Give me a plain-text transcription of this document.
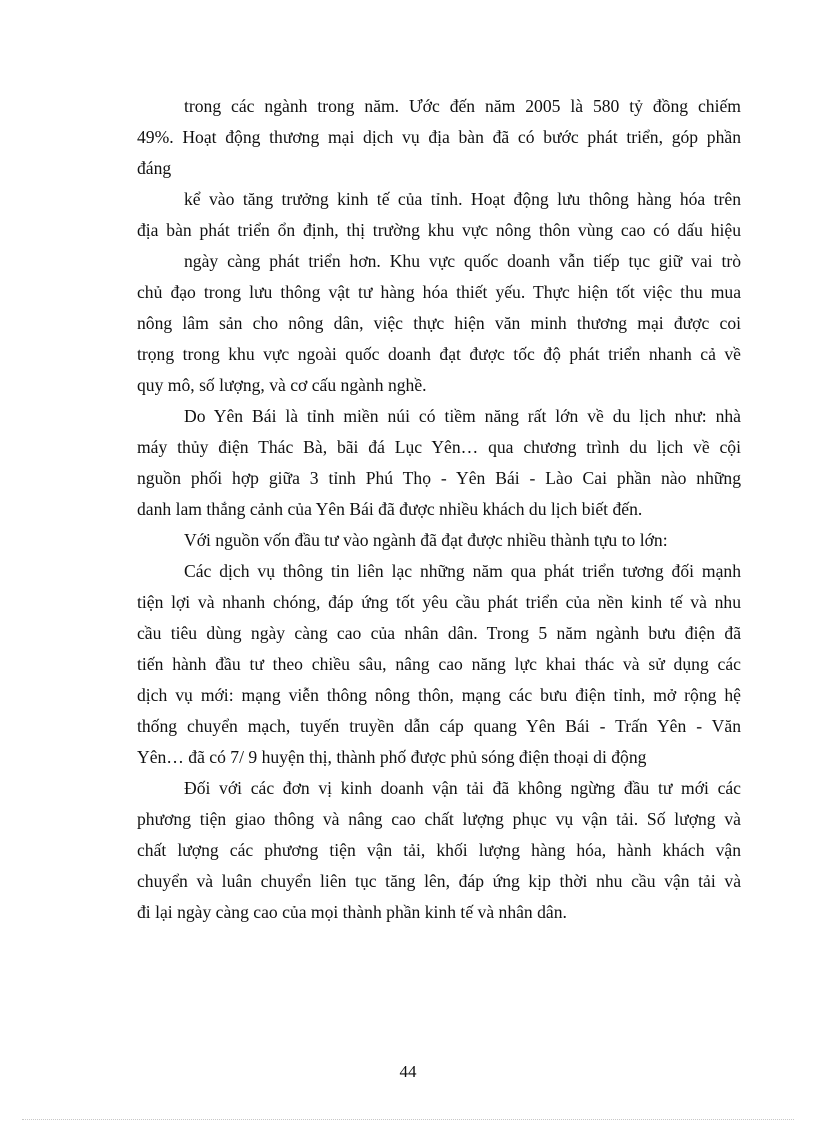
trong các ngành trong năm. Ước đến năm 2005 là 580 tỷ đồng chiếm
49%. Hoạt động thương mại dịch vụ địa bàn đã có bước phát triển, góp phần
đáng
kể vào tăng trưởng kinh tế của tỉnh. Hoạt động lưu thông hàng hóa trên
địa bàn phát triển ổn định, thị trường khu vực nông thôn vùng cao có dấu hiệu
ngày càng phát triển hơn. Khu vực quốc doanh vẫn tiếp tục giữ vai trò
chủ đạo trong lưu thông vật tư hàng hóa thiết yếu. Thực hiện tốt việc thu mua
nông lâm sản cho nông dân, việc thực hiện văn minh thương mại được coi
trọng trong khu vực ngoài quốc doanh đạt được tốc độ phát triển nhanh cả về
quy mô, số lượng, và cơ cấu ngành nghề.
Do Yên Bái là tỉnh miền núi có tiềm năng rất lớn về du lịch như: nhà
máy thủy điện Thác Bà, bãi đá Lục Yên… qua chương trình du lịch về cội
nguồn phối hợp giữa 3 tỉnh Phú Thọ - Yên Bái - Lào Cai phần nào những
danh lam thắng cảnh của Yên Bái đã được nhiều khách du lịch biết đến.
Với nguồn vốn đầu tư vào ngành đã đạt được nhiều thành tựu to lớn:
Các dịch vụ thông tin liên lạc những năm qua phát triển tương đối mạnh
tiện lợi và nhanh chóng, đáp ứng tốt yêu cầu phát triển của nền kinh tế và nhu
cầu tiêu dùng ngày càng cao của nhân dân. Trong 5 năm ngành bưu điện đã
tiến hành đầu tư theo chiều sâu, nâng cao năng lực khai thác và sử dụng các
dịch vụ mới: mạng viễn thông nông thôn, mạng các bưu điện tỉnh, mở rộng hệ
thống chuyển mạch, tuyến truyền dẫn cáp quang Yên Bái - Trấn Yên - Văn
Yên… đã có 7/ 9 huyện thị, thành phố được phủ sóng điện thoại di động
Đối với các đơn vị kinh doanh vận tải đã không ngừng đầu tư mới các
phương tiện giao thông và nâng cao chất lượng phục vụ vận tải. Số lượng và
chất lượng các phương tiện vận tải, khối lượng hàng hóa, hành khách vận
chuyển và luân chuyển liên tục tăng lên, đáp ứng kịp thời nhu cầu vận tải và
đi lại ngày càng cao của mọi thành phần kinh tế và nhân dân.
44
